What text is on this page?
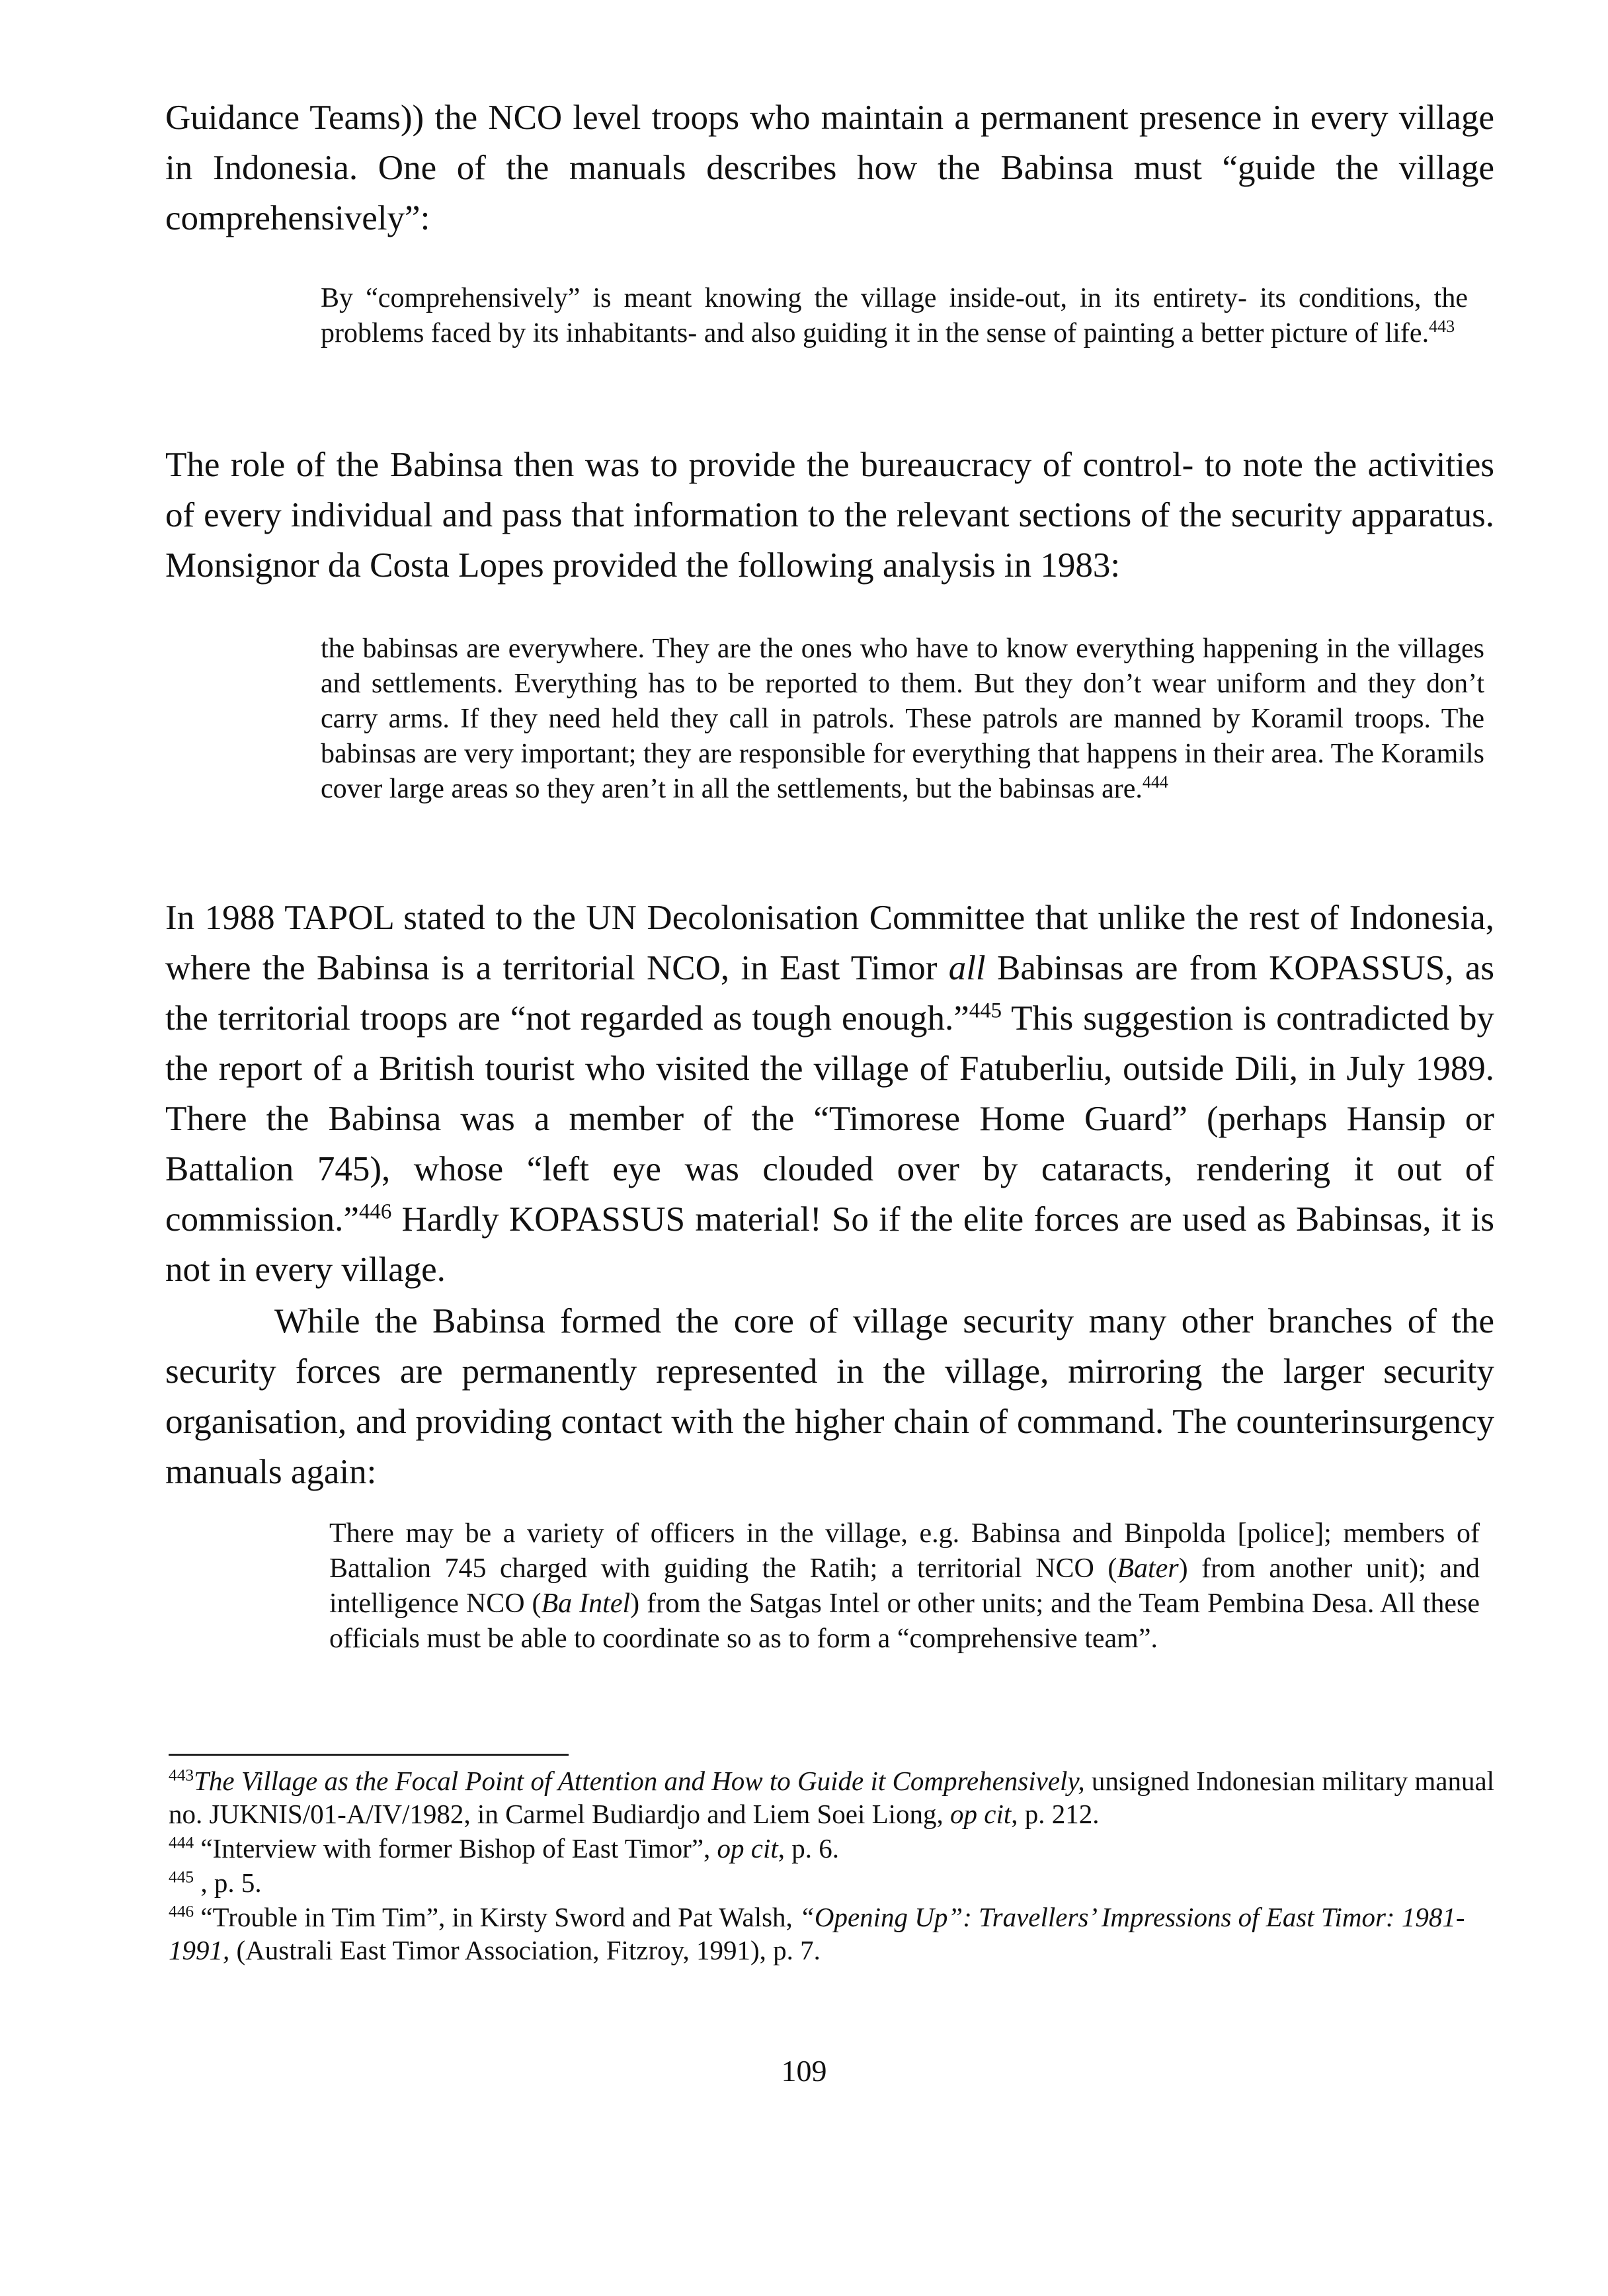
Guidance Teams)) the NCO level troops who maintain a permanent presence in every village in Indonesia. One of the manuals describes how the Babinsa must “guide the village comprehensively”:
By “comprehensively” is meant knowing the village inside-out, in its entirety- its conditions, the problems faced by its inhabitants- and also guiding it in the sense of painting a better picture of life.$^{443}$
The role of the Babinsa then was to provide the bureaucracy of control- to note the activities of every individual and pass that information to the relevant sections of the security apparatus. Monsignor da Costa Lopes provided the following analysis in 1983:
the babinsas are everywhere. They are the ones who have to know everything happening in the villages and settlements. Everything has to be reported to them. But they don’t wear uniform and they don’t carry arms. If they need held they call in patrols. These patrols are manned by Koramil troops. The babinsas are very important; they are responsible for everything that happens in their area. The Koramils cover large areas so they aren’t in all the settlements, but the babinsas are.$^{444}$
In 1988 TAPOL stated to the UN Decolonisation Committee that unlike the rest of Indonesia, where the Babinsa is a territorial NCO, in East Timor all Babinsas are from KOPASSUS, as the territorial troops are “not regarded as tough enough.”$^{445}$ This suggestion is contradicted by the report of a British tourist who visited the village of Fatuberliu, outside Dili, in July 1989. There the Babinsa was a member of the “Timorese Home Guard” (perhaps Hansip or Battalion 745), whose “left eye was clouded over by cataracts, rendering it out of commission.”$^{446}$ Hardly KOPASSUS material! So if the elite forces are used as Babinsas, it is not in every village.
While the Babinsa formed the core of village security many other branches of the security forces are permanently represented in the village, mirroring the larger security organisation, and providing contact with the higher chain of command. The counterinsurgency manuals again:
There may be a variety of officers in the village, e.g. Babinsa and Binpolda [police]; members of Battalion 745 charged with guiding the Ratih; a territorial NCO (Bater) from another unit); and intelligence NCO (Ba Intel) from the Satgas Intel or other units; and the Team Pembina Desa. All these officials must be able to coordinate so as to form a “comprehensive team”.
$^{443}$The Village as the Focal Point of Attention and How to Guide it Comprehensively, unsigned Indonesian military manual no. JUKNIS/01-A/IV/1982, in Carmel Budiardjo and Liem Soei Liong, op cit, p. 212.
$^{444}$ “Interview with former Bishop of East Timor”, op cit, p. 6.
$^{445}$ , p. 5.
$^{446}$ “Trouble in Tim Tim”, in Kirsty Sword and Pat Walsh, “Opening Up”: Travellers’ Impressions of East Timor: 1981-1991, (Australi East Timor Association, Fitzroy, 1991), p. 7.
109
